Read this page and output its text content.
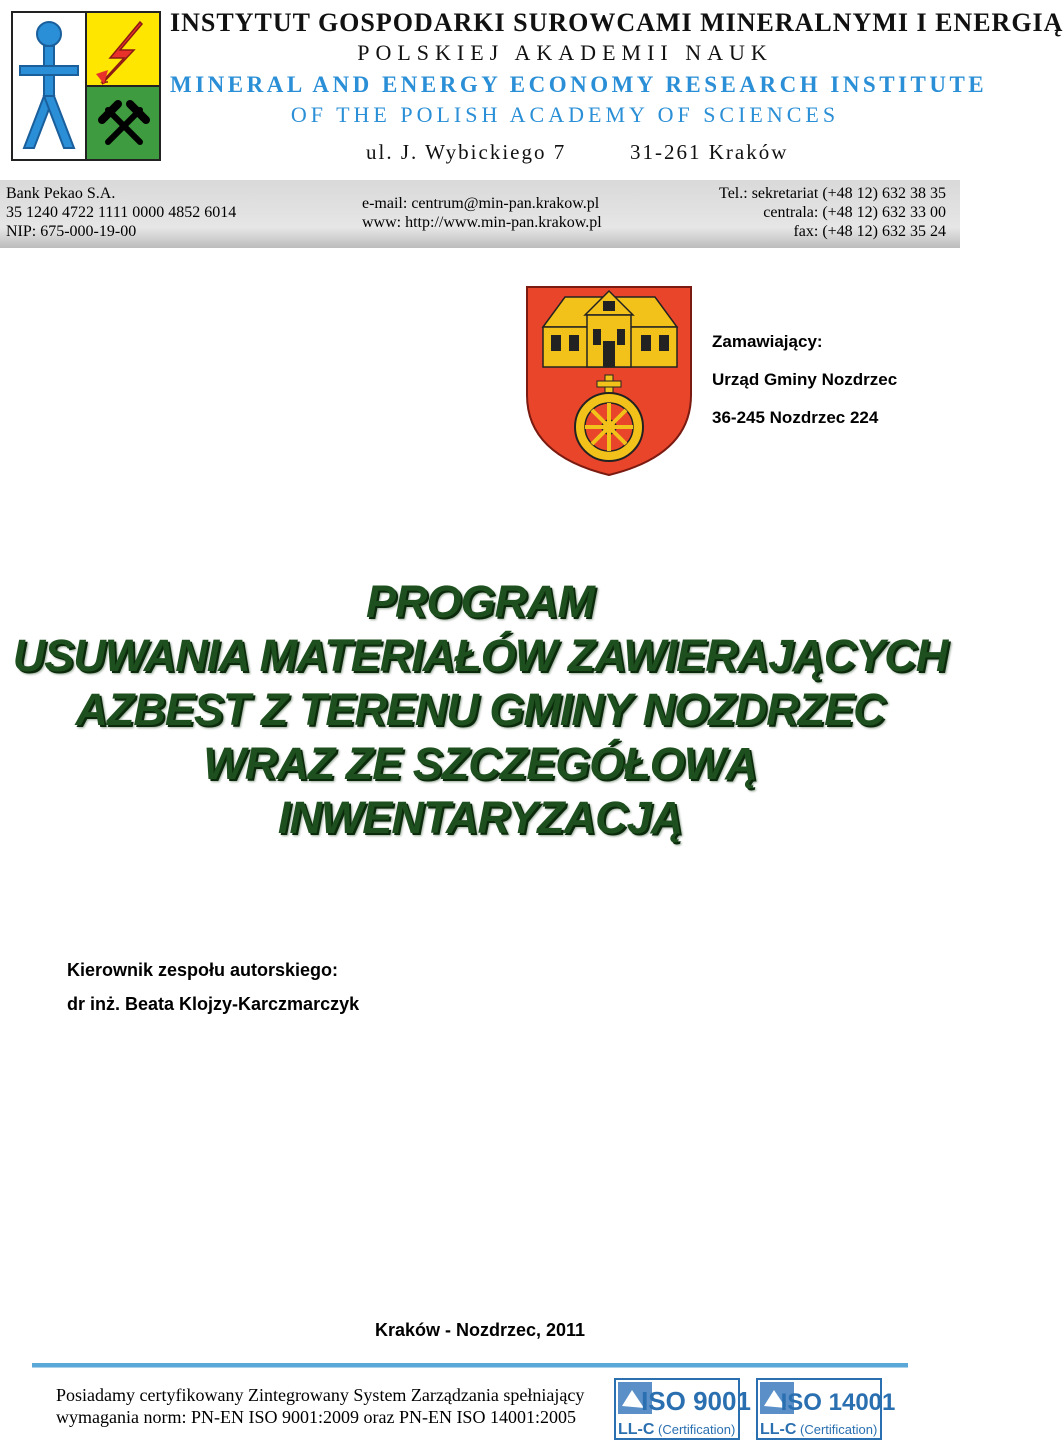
INSTYTUT GOSPODARKI SUROWCAMI MINERALNYMI I ENERGIĄ
POLSKIEJ AKADEMII NAUK
MINERAL AND ENERGY ECONOMY RESEARCH INSTITUTE
OF THE POLISH ACADEMY OF SCIENCES
ul. J. Wybickiego 7	31-261 Kraków
Bank Pekao S.A.
35 1240 4722 1111 0000 4852 6014
NIP: 675-000-19-00
e-mail: centrum@min-pan.krakow.pl
www: http://www.min-pan.krakow.pl
Tel.: sekretariat (+48 12) 632 38 35
centrala: (+48 12) 632 33 00
fax: (+48 12) 632 35 24
Zamawiający:
Urząd Gminy Nozdrzec
36-245 Nozdrzec 224
PROGRAM
USUWANIA MATERIAŁÓW ZAWIERAJĄCYCH
AZBEST Z TERENU GMINY NOZDRZEC
WRAZ ZE SZCZEGÓŁOWĄ
INWENTARYZACJĄ
Kierownik zespołu autorskiego:
dr inż. Beata Klojzy-Karczmarczyk
Kraków - Nozdrzec, 2011
Posiadamy certyfikowany Zintegrowany System Zarządzania spełniający
wymagania norm: PN-EN ISO 9001:2009 oraz PN-EN ISO 14001:2005
ISO 9001
LL-C (Certification)
ISO 14001
LL-C (Certification)
